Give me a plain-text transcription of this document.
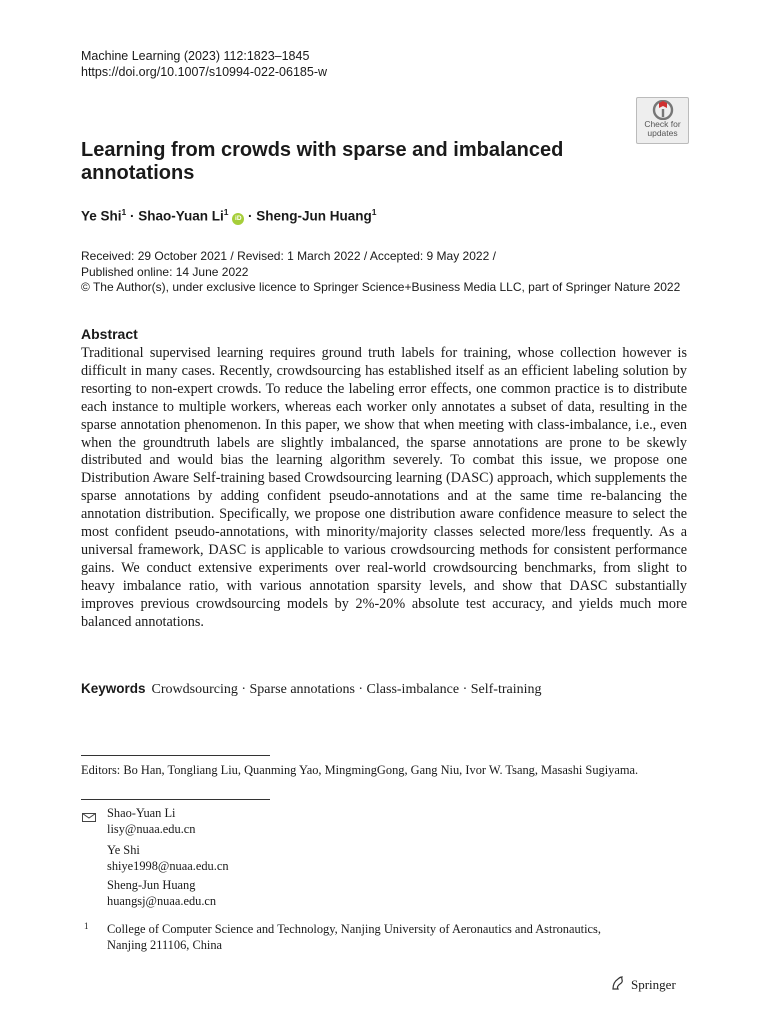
Machine Learning (2023) 112:1823–1845
https://doi.org/10.1007/s10994-022-06185-w
Check for
updates
Learning from crowds with sparse and imbalanced annotations
Ye Shi$^1$ · Shao-Yuan Li$^1$ iD · Sheng-Jun Huang$^1$
Received: 29 October 2021 / Revised: 1 March 2022 / Accepted: 9 May 2022 /
Published online: 14 June 2022
© The Author(s), under exclusive licence to Springer Science+Business Media LLC, part of Springer Nature 2022
Abstract
Traditional supervised learning requires ground truth labels for training, whose collection however is difficult in many cases. Recently, crowdsourcing has established itself as an efficient labeling solution by resorting to non-expert crowds. To reduce the labeling error effects, one common practice is to distribute each instance to multiple workers, whereas each worker only annotates a subset of data, resulting in the sparse annotation phenomenon. In this paper, we show that when meeting with class-imbalance, i.e., even when the groundtruth labels are slightly imbalanced, the sparse annotations are prone to be skewly distributed and would bias the learning algorithm severely. To combat this issue, we propose one Distribution Aware Self-training based Crowdsourcing learning (DASC) approach, which supplements the sparse annotations by adding confident pseudo-annotations and at the same time re-balancing the annotation distribution. Specifically, we propose one distribution aware confidence measure to select the most confident pseudo-annotations, with minority/majority classes selected more/less frequently. As a universal framework, DASC is applicable to various crowdsourcing methods for consistent performance gains. We conduct extensive experiments over real-world crowdsourcing benchmarks, from slight to heavy imbalance ratio, with various annotation sparsity levels, and show that DASC substantially improves previous crowdsourcing models by 2%-20% absolute test accuracy, and yields much more balanced annotations.
Keywords Crowdsourcing · Sparse annotations · Class-imbalance · Self-training
Editors: Bo Han, Tongliang Liu, Quanming Yao, MingmingGong, Gang Niu, Ivor W. Tsang, Masashi Sugiyama.
Shao-Yuan Li
lisy@nuaa.edu.cn
Ye Shi
shiye1998@nuaa.edu.cn
Sheng-Jun Huang
huangsj@nuaa.edu.cn
1 College of Computer Science and Technology, Nanjing University of Aeronautics and Astronautics, Nanjing 211106, China
Springer
